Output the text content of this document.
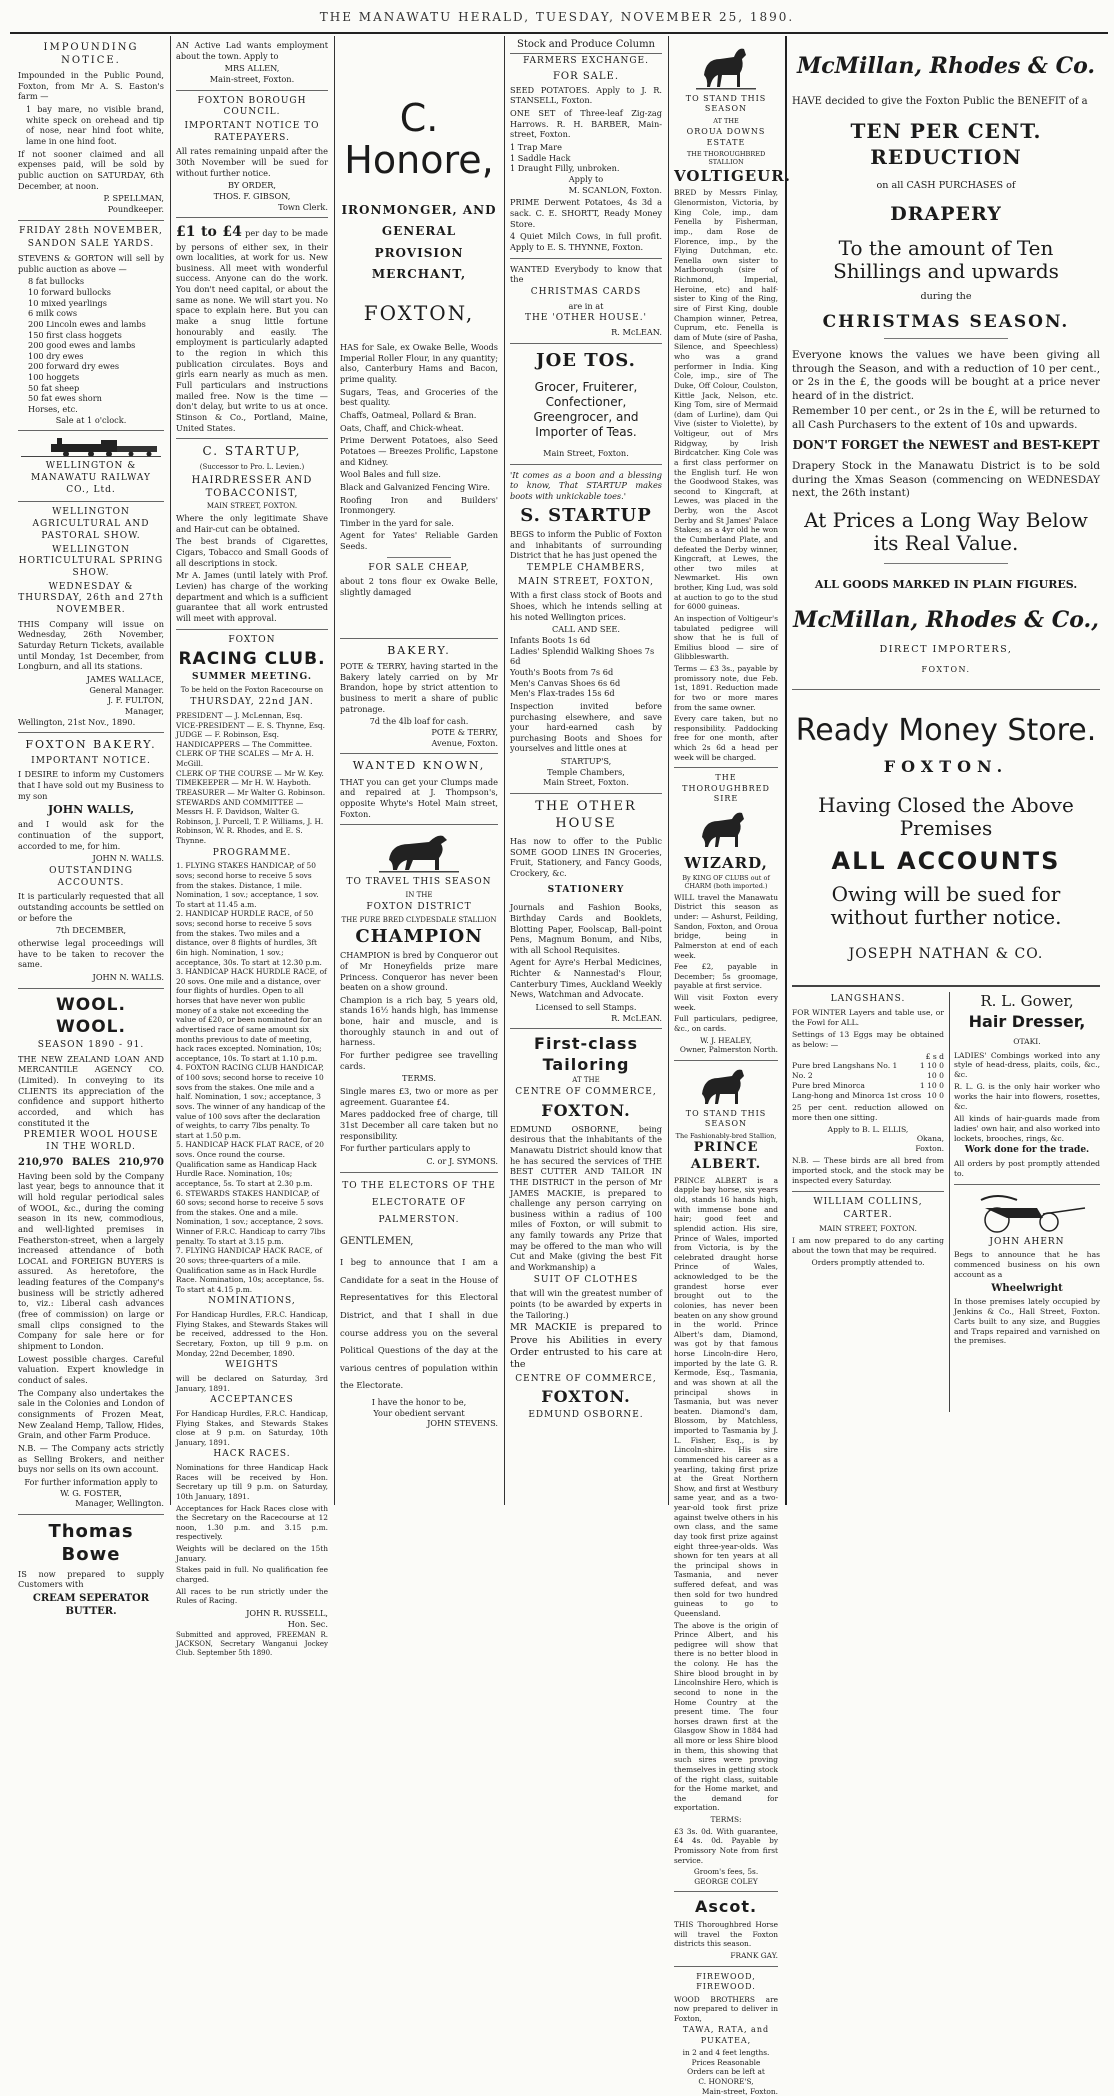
THE MANAWATU HERALD, TUESDAY, NOVEMBER 25, 1890.
IMPOUNDING NOTICE.

Impounded in the Public Pound, Foxton, from Mr A. S. Easton's farm —

1 bay mare, no visible brand, white speck on orehead and tip of nose, near hind foot white, lame in one hind foot.

If not sooner claimed and all expenses paid, will be sold by public auction on SATURDAY, 6th December, at noon.

P. SPELLMAN,
Poundkeeper.
FRIDAY 28th NOVEMBER,
SANDON SALE YARDS.

STEVENS & GORTON will sell by public auction as above —

8 fat bullocks
10 forward bullocks
10 mixed yearlings
6 milk cows
200 Lincoln ewes and lambs
150 first class hoggets
200 good ewes and lambs
100 dry ewes
200 forward dry ewes
100 hoggets
50 fat sheep
50 fat ewes shorn
Horses, etc.
Sale at 1 o'clock.
WELLINGTON & MANAWATU RAILWAY CO., Ltd.
WELLINGTON AGRICULTURAL AND PASTORAL SHOW.
WELLINGTON HORTICULTURAL SPRING SHOW.
WEDNESDAY & THURSDAY, 26th and 27th NOVEMBER.

THIS Company will issue on Wednesday, 26th November, Saturday Return Tickets, available until Monday, 1st December, from Longburn, and all its stations.

JAMES WALLACE,
General Manager.
J. F. FULTON,
Manager,
Wellington, 21st Nov., 1890.
FOXTON BAKERY.
IMPORTANT NOTICE.

I DESIRE to inform my Customers that I have sold out my Business to my son

JOHN WALLS,

and I would ask for the continuation of the support, accorded to me, for him.

JOHN N. WALLS.
OUTSTANDING ACCOUNTS.

It is particularly requested that all outstanding accounts be settled on or before the

7th DECEMBER,

otherwise legal proceedings will have to be taken to recover the same.

JOHN N. WALLS.
WOOL. WOOL.
SEASON 1890 - 91.

THE NEW ZEALAND LOAN AND MERCANTILE AGENCY CO. (Limited). In conveying to its CLIENTS its appreciation of the confidence and support hitherto accorded, and which has constituted it the

PREMIER WOOL HOUSE IN THE WORLD.
210,970 BALES 210,970

Having been sold by the Company last year, begs to announce that it will hold regular periodical sales of WOOL, &c., during the coming season in its new, commodious, and well-lighted premises in Featherston-street, when a largely increased attendance of both LOCAL and FOREIGN BUYERS is assured. As heretofore, the leading features of the Company's business will be strictly adhered to, viz.: Liberal cash advances (free of commission) on large or small clips consigned to the Company for sale here or for shipment to London.

Lowest possible charges. Careful valuation. Expert knowledge in conduct of sales.

The Company also undertakes the sale in the Colonies and London of consignments of Frozen Meat, New Zealand Hemp, Tallow, Hides, Grain, and other Farm Produce.

N.B. — The Company acts strictly as Selling Brokers, and neither buys nor sells on its own account.

For further information apply to
W. G. FOSTER,
Manager, Wellington.
Thomas Bowe

IS now prepared to supply Customers with

CREAM SEPERATOR
BUTTER.

AN Active Lad wants employment about the town. Apply to

MRS ALLEN,
Main-street, Foxton.
FOXTON BOROUGH COUNCIL.
IMPORTANT NOTICE TO RATEPAYERS.

All rates remaining unpaid after the 30th November will be sued for without further notice.

BY ORDER,
THOS. F. GIBSON,
Town Clerk.

£1 to £4 per day to be made by persons of either sex, in their own localities, at work for us. New business. All meet with wonderful success. Anyone can do the work. You don't need capital, or about the same as none. We will start you. No space to explain here. But you can make a snug little fortune honourably and easily. The employment is particularly adapted to the region in which this publication circulates. Boys and girls earn nearly as much as men. Full particulars and instructions mailed free. Now is the time — don't delay, but write to us at once. Stinson & Co., Portland, Maine, United States.

C. STARTUP,
(Successor to Pro. L. Levien.)
HAIRDRESSER AND TOBACCONIST,
MAIN STREET, FOXTON.

Where the only legitimate Shave and Hair-cut can be obtained.

The best brands of Cigarettes, Cigars, Tobacco and Small Goods of all descriptions in stock.

Mr A. James (until lately with Prof. Levien) has charge of the working department and which is a sufficient guarantee that all work entrusted will meet with approval.

FOXTON
RACING CLUB.
SUMMER MEETING.
To be held on the Foxton Racecourse on
THURSDAY, 22nd JAN.
PRESIDENT — J. McLennan, Esq.
VICE-PRESIDENT — E. S. Thynne, Esq.
JUDGE — F. Robinson, Esq.
HANDICAPPERS — The Committee.
CLERK OF THE SCALES — Mr A. H. McGill.
CLERK OF THE COURSE — Mr W. Key.
TIMEKEEPER — Mr H. W. Hayboth.
TREASURER — Mr Walter G. Robinson.
STEWARDS AND COMMITTEE — Messrs H. F. Davidson, Walter G. Robinson, J. Purcell, T. P. Williams, J. H. Robinson, W. R. Rhodes, and E. S. Thynne.
PROGRAMME.
1. FLYING STAKES HANDICAP, of 50 sovs; second horse to receive 5 sovs from the stakes. Distance, 1 mile. Nomination, 1 sov.; acceptance, 1 sov. To start at 11.45 a.m.
2. HANDICAP HURDLE RACE, of 50 sovs; second horse to receive 5 sovs from the stakes. Two miles and a distance, over 8 flights of hurdles, 3ft 6in high. Nomination, 1 sov.; acceptance, 30s. To start at 12.30 p.m.
3. HANDICAP HACK HURDLE RACE, of 20 sovs. One mile and a distance, over four flights of hurdles. Open to all horses that have never won public money of a stake not exceeding the value of £20, or been nominated for an advertised race of same amount six months previous to date of meeting, hack races excepted. Nomination, 10s; acceptance, 10s. To start at 1.10 p.m.
4. FOXTON RACING CLUB HANDICAP, of 100 sovs; second horse to receive 10 sovs from the stakes. One mile and a half. Nomination, 1 sov.; acceptance, 3 sovs. The winner of any handicap of the value of 100 sovs after the declaration of weights, to carry 7lbs penalty. To start at 1.50 p.m.
5. HANDICAP HACK FLAT RACE, of 20 sovs. Once round the course. Qualification same as Handicap Hack Hurdle Race. Nomination, 10s; acceptance, 5s. To start at 2.30 p.m.
6. STEWARDS STAKES HANDICAP, of 60 sovs; second horse to receive 5 sovs from the stakes. One and a mile. Nomination, 1 sov.; acceptance, 2 sovs. Winner of F.R.C. Handicap to carry 7lbs penalty. To start at 3.15 p.m.
7. FLYING HANDICAP HACK RACE, of 20 sovs; three-quarters of a mile. Qualification same as in Hack Hurdle Race. Nomination, 10s; acceptance, 5s. To start at 4.15 p.m.
NOMINATIONS,

For Handicap Hurdles, F.R.C. Handicap, Flying Stakes, and Stewards Stakes will be received, addressed to the Hon. Secretary, Foxton, up till 9 p.m. on Monday, 22nd December, 1890.

WEIGHTS

will be declared on Saturday, 3rd January, 1891.

ACCEPTANCES

For Handicap Hurdles, F.R.C. Handicap, Flying Stakes, and Stewards Stakes close at 9 p.m. on Saturday, 10th January, 1891.

HACK RACES.

Nominations for three Handicap Hack Races will be received by Hon. Secretary up till 9 p.m. on Saturday, 10th January, 1891.

Acceptances for Hack Races close with the Secretary on the Racecourse at 12 noon, 1.30 p.m. and 3.15 p.m. respectively.

Weights will be declared on the 15th January.

Stakes paid in full. No qualification fee charged.

All races to be run strictly under the Rules of Racing.

JOHN R. RUSSELL,
Hon. Sec.

Submitted and approved, FREEMAN R. JACKSON, Secretary Wanganui Jockey Club. September 5th 1890.

C. Honore,
IRONMONGER, AND GENERAL PROVISION MERCHANT,
FOXTON,

HAS for Sale, ex Owake Belle, Woods Imperial Roller Flour, in any quantity; also, Canterbury Hams and Bacon, prime quality.

Sugars, Teas, and Groceries of the best quality.

Chaffs, Oatmeal, Pollard & Bran.

Oats, Chaff, and Chick-wheat.

Prime Derwent Potatoes, also Seed Potatoes — Breezes Prolific, Lapstone and Kidney.

Wool Bales and full size.

Black and Galvanized Fencing Wire.

Roofing Iron and Builders' Ironmongery.

Timber in the yard for sale.

Agent for Yates' Reliable Garden Seeds.

FOR SALE CHEAP,

about 2 tons flour ex Owake Belle, slightly damaged

BAKERY.

POTE & TERRY, having started in the Bakery lately carried on by Mr Brandon, hope by strict attention to business to merit a share of public patronage.

7d the 4lb loaf for cash.
POTE & TERRY,
Avenue, Foxton.
WANTED KNOWN,

THAT you can get your Clumps made and repaired at J. Thompson's, opposite Whyte's Hotel Main street, Foxton.

TO TRAVEL THIS SEASON
IN THE
FOXTON DISTRICT
THE PURE BRED CLYDESDALE STALLION
CHAMPION

CHAMPION is bred by Conqueror out of Mr Honeyfields prize mare Princess. Conqueror has never been beaten on a show ground.

Champion is a rich bay, 5 years old, stands 16½ hands high, has immense bone, hair and muscle, and is thoroughly staunch in and out of harness.

For further pedigree see travelling cards.

TERMS.

Single mares £3, two or more as per agreement. Guarantee £4.

Mares paddocked free of charge, till 31st December all care taken but no responsibility.

For further particulars apply to

C. or J. SYMONS.
TO THE ELECTORS OF THE ELECTORATE OF PALMERSTON.
GENTLEMEN,

I beg to announce that I am a Candidate for a seat in the House of Representatives for this Electoral District, and that I shall in due course address you on the several Political Questions of the day at the various centres of population within the Electorate.

I have the honor to be,
Your obedient servant
JOHN STEVENS.
Stock and Produce Column
FARMERS EXCHANGE.
FOR SALE.

SEED POTATOES. Apply to J. R. STANSELL, Foxton.

ONE SET of Three-leaf Zig-zag Harrows. R. H. BARBER, Main-street, Foxton.

1 Trap Mare
1 Saddle Hack
1 Draught Filly, unbroken.
Apply to
M. SCANLON, Foxton.

PRIME Derwent Potatoes, 4s 3d a sack. C. E. SHORTT, Ready Money Store.

4 Quiet Milch Cows, in full profit. Apply to E. S. THYNNE, Foxton.

WANTED Everybody to know that the

CHRISTMAS CARDS
are in at
THE 'OTHER HOUSE.'
R. McLEAN.
JOE TOS.
Grocer, Fruiterer, Confectioner, Greengrocer, and Importer of Teas.
Main Street, Foxton.

'It comes as a boon and a blessing to know, That STARTUP makes boots with unkickable toes.'

S. STARTUP

BEGS to inform the Public of Foxton and inhabitants of surrounding District that he has just opened the

TEMPLE CHAMBERS,
MAIN STREET, FOXTON,

With a first class stock of Boots and Shoes, which he intends selling at his noted Wellington prices.

CALL AND SEE.
Infants Boots 1s 6d
Ladies' Splendid Walking Shoes 7s 6d
Youth's Boots from 7s 6d
Men's Canvas Shoes 6s 6d
Men's Flax-trades 15s 6d

Inspection invited before purchasing elsewhere, and save your hard-earned cash by purchasing Boots and Shoes for yourselves and little ones at

STARTUP'S,
Temple Chambers,
Main Street, Foxton.
THE OTHER HOUSE

Has now to offer to the Public SOME GOOD LINES IN Groceries, Fruit, Stationery, and Fancy Goods, Crockery, &c.

STATIONERY

Journals and Fashion Books, Birthday Cards and Booklets, Blotting Paper, Foolscap, Ball-point Pens, Magnum Bonum, and Nibs, with all School Requisites.

Agent for Ayre's Herbal Medicines, Richter & Nannestad's Flour, Canterbury Times, Auckland Weekly News, Watchman and Advocate.

Licensed to sell Stamps.
R. McLEAN.
First-class Tailoring
AT THE
CENTRE OF COMMERCE,
FOXTON.

EDMUND OSBORNE, being desirous that the inhabitants of the Manawatu District should know that he has secured the services of THE BEST CUTTER AND TAILOR IN THE DISTRICT in the person of Mr JAMES MACKIE, is prepared to challenge any person carrying on business within a radius of 100 miles of Foxton, or will submit to any family towards any Prize that may be offered to the man who will Cut and Make (giving the best Fit and Workmanship) a

SUIT OF CLOTHES

that will win the greatest number of points (to be awarded by experts in the Tailoring.)

MR MACKIE is prepared to Prove his Abilities in every Order entrusted to his care at the

CENTRE OF COMMERCE,
FOXTON.
EDMUND OSBORNE.
TO STAND THIS SEASON
AT THE
OROUA DOWNS ESTATE
THE THOROUGHBRED STALLION
VOLTIGEUR.

BRED by Messrs Finlay, Glenormiston, Victoria, by King Cole, imp., dam Fenella by Fisherman, imp., dam Rose de Florence, imp., by the Flying Dutchman, etc. Fenella own sister to Marlborough (sire of Richmond, Imperial, Heroine, etc) and half-sister to King of the Ring, sire of First King, double Champion winner, Petrea, Cuprum, etc. Fenella is dam of Mute (sire of Pasha, Silence, and Speechless) who was a grand performer in India. King Cole, imp., sire of The Duke, Off Colour, Coulston, Kittle Jack, Nelson, etc. King Tom, sire of Mermaid (dam of Lurline), dam Qui Vive (sister to Violette), by Voltigeur, out of Mrs Ridgway, by Irish Birdcatcher. King Cole was a first class performer on the English turf. He won the Goodwood Stakes, was second to Kingcraft, at Lewes, was placed in the Derby, won the Ascot Derby and St James' Palace Stakes; as a 4yr old he won the Cumberland Plate, and defeated the Derby winner, Kingcraft, at Lewes, the other two miles at Newmarket. His own brother, King Lud, was sold at auction to go to the stud for 6000 guineas.

An inspection of Voltigeur's tabulated pedigree will show that he is full of Emilius blood — sire of Glibbleswarth.

Terms — £3 3s., payable by promissory note, due Feb. 1st, 1891. Reduction made for two or more mares from the same owner.

Every care taken, but no responsibility. Paddocking free for one month, after which 2s 6d a head per week will be charged.

THE THOROUGHBRED SIRE
WIZARD,
By KING OF CLUBS out of CHARM (both imported.)

WILL travel the Manawatu District this season as under: — Ashurst, Feilding, Sandon, Foxton, and Oroua bridge, being in Palmerston at end of each week.

Fee £2, payable in December; 5s groomage, payable at first service.

Will visit Foxton every week.

Full particulars, pedigree, &c., on cards.

W. J. HEALEY,
Owner, Palmerston North.
TO STAND THIS SEASON
The Fashionably-bred Stallion,
PRINCE ALBERT.

PRINCE ALBERT is a dapple bay horse, six years old, stands 16 hands high, with immense bone and hair; good feet and splendid action. His sire, Prince of Wales, imported from Victoria, is by the celebrated draught horse Prince of Wales, acknowledged to be the grandest horse ever brought out to the colonies, has never been beaten on any show ground in the world. Prince Albert's dam, Diamond, was got by that famous horse Lincoln-dire Hero, imported by the late G. R. Kermode, Esq., Tasmania, and was shown at all the principal shows in Tasmania, but was never beaten. Diamond's dam, Blossom, by Matchless, imported to Tasmania by J. L. Fisher, Esq., is by Lincoln-shire. His sire commenced his career as a yearling, taking first prize at the Great Northern Show, and first at Westbury same year, and as a two-year-old took first prize against twelve others in his own class, and the same day took first prize against eight three-year-olds. Was shown for ten years at all the principal shows in Tasmania, and never suffered defeat, and was then sold for two hundred guineas to go to Queensland.

The above is the origin of Prince Albert, and his pedigree will show that there is no better blood in the colony. He has the Shire blood brought in by Lincolnshire Hero, which is second to none in the Home Country at the present time. The four horses drawn first at the Glasgow Show in 1884 had all more or less Shire blood in them, this showing that such sires were proving themselves in getting stock of the right class, suitable for the Home market, and the demand for exportation.

TERMS:

£3 3s. 0d. With guarantee, £4 4s. 0d. Payable by Promissory Note from first service.

Groom's fees, 5s.
GEORGE COLEY
Ascot.

THIS Thoroughbred Horse will travel the Foxton districts this season.

FRANK GAY.
FIREWOOD, FIREWOOD.

WOOD BROTHERS are now prepared to deliver in Foxton,

TAWA, RATA, and PUKATEA,
in 2 and 4 feet lengths.
Prices Reasonable
Orders can be left at
C. HONORE'S,
Main-street, Foxton.
McMillan, Rhodes & Co.

HAVE decided to give the Foxton Public the BENEFIT of a

TEN PER CENT. REDUCTION
on all CASH PURCHASES of
DRAPERY
To the amount of Ten Shillings and upwards
during the
CHRISTMAS SEASON.

Everyone knows the values we have been giving all through the Season, and with a reduction of 10 per cent., or 2s in the £, the goods will be bought at a price never heard of in the district.

Remember 10 per cent., or 2s in the £, will be returned to all Cash Purchasers to the extent of 10s and upwards.

DON'T FORGET the NEWEST and BEST-KEPT

Drapery Stock in the Manawatu District is to be sold during the Xmas Season (commencing on WEDNESDAY next, the 26th instant)

At Prices a Long Way Below its Real Value.
ALL GOODS MARKED IN PLAIN FIGURES.
McMillan, Rhodes & Co.,
DIRECT IMPORTERS,
FOXTON.
Ready Money Store.
FOXTON.
Having Closed the Above Premises
ALL ACCOUNTS
Owing will be sued for without further notice.
JOSEPH NATHAN & CO.
LANGSHANS.

FOR WINTER Layers and table use, or the Fowl for ALL.

Settings of 13 Eggs may be obtained as below: —

£ s d
Pure bred Langshans No. 1	1 10 0
No. 2	10 0
Pure bred Minorca	1 10 0
Lang-hong and Minorca 1st cross 10 0

25 per cent. reduction allowed on more then one sitting.

Apply to B. L. ELLIS,
Okana,
Foxton.

N.B. — These birds are all bred from imported stock, and the stock may be inspected every Saturday.

WILLIAM COLLINS,
CARTER.
MAIN STREET, FOXTON.

I am now prepared to do any carting about the town that may be required.

Orders promptly attended to.
R. L. Gower,
Hair Dresser,
OTAKI.

LADIES' Combings worked into any style of head-dress, plaits, coils, &c., &c.

R. L. G. is the only hair worker who works the hair into flowers, rosettes, &c.

All kinds of hair-guards made from ladies' own hair, and also worked into lockets, brooches, rings, &c.

Work done for the trade.

All orders by post promptly attended to.

JOHN AHERN

Begs to announce that he has commenced business on his own account as a

Wheelwright

In those premises lately occupied by Jenkins & Co., Hall Street, Foxton. Carts built to any size, and Buggies and Traps repaired and varnished on the premises.
